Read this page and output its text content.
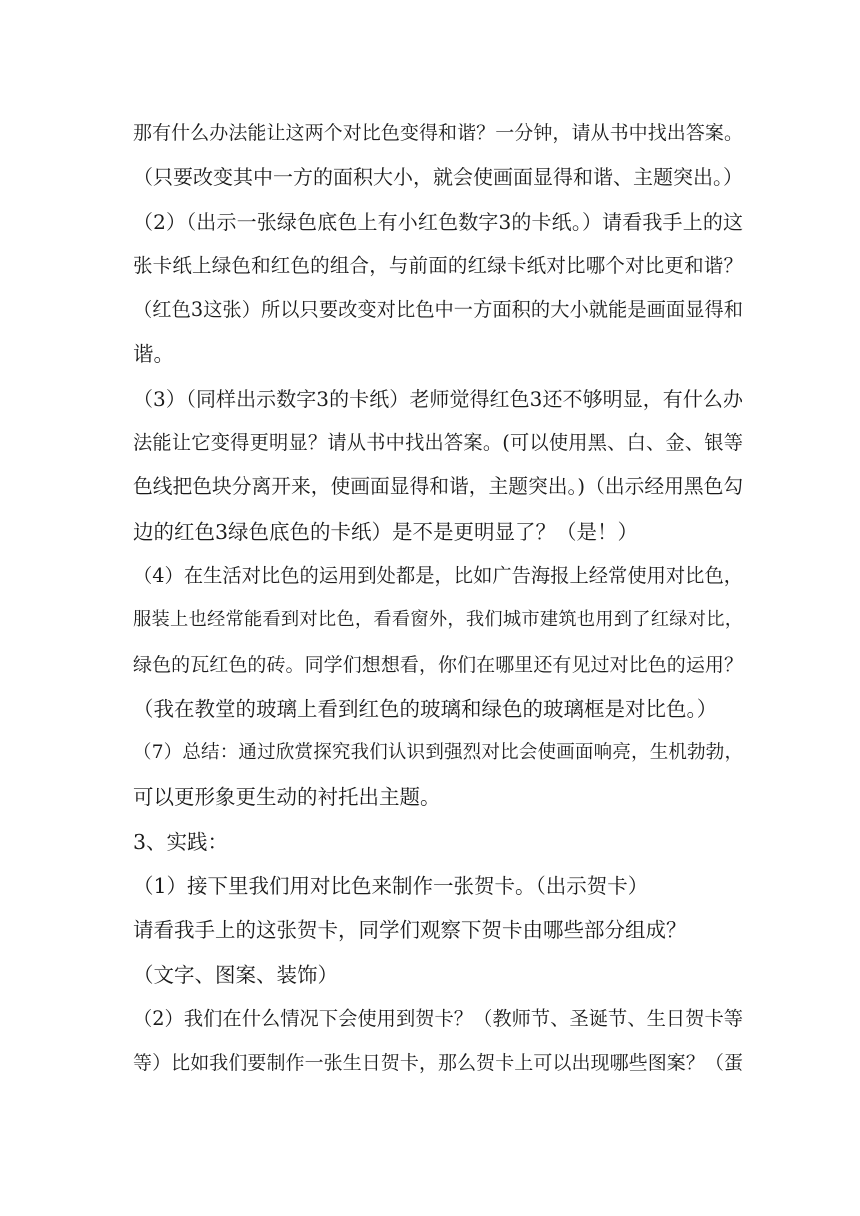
那有什么办法能让这两个对比色变得和谐？一分钟，请从书中找出答案。
（只要改变其中一方的面积大小，就会使画面显得和谐、主题突出。）
（2）（出示一张绿色底色上有小红色数字3的卡纸。）请看我手上的这
张卡纸上绿色和红色的组合，与前面的红绿卡纸对比哪个对比更和谐？
（红色3这张）所以只要改变对比色中一方面积的大小就能是画面显得和
谐。
（3）（同样出示数字3的卡纸）老师觉得红色3还不够明显，有什么办
法能让它变得更明显？请从书中找出答案。(可以使用黑、白、金、银等
色线把色块分离开来，使画面显得和谐，主题突出。)（出示经用黑色勾
边的红色3绿色底色的卡纸）是不是更明显了？（是！）
（4）在生活对比色的运用到处都是，比如广告海报上经常使用对比色，
服装上也经常能看到对比色，看看窗外，我们城市建筑也用到了红绿对比，
绿色的瓦红色的砖。同学们想想看，你们在哪里还有见过对比色的运用？
（我在教堂的玻璃上看到红色的玻璃和绿色的玻璃框是对比色。）
（7）总结：通过欣赏探究我们认识到强烈对比会使画面响亮，生机勃勃，
可以更形象更生动的衬托出主题。
3、实践：
（1）接下里我们用对比色来制作一张贺卡。（出示贺卡）
请看我手上的这张贺卡，同学们观察下贺卡由哪些部分组成？
（文字、图案、装饰）
（2）我们在什么情况下会使用到贺卡？（教师节、圣诞节、生日贺卡等
等）比如我们要制作一张生日贺卡，那么贺卡上可以出现哪些图案？（蛋
